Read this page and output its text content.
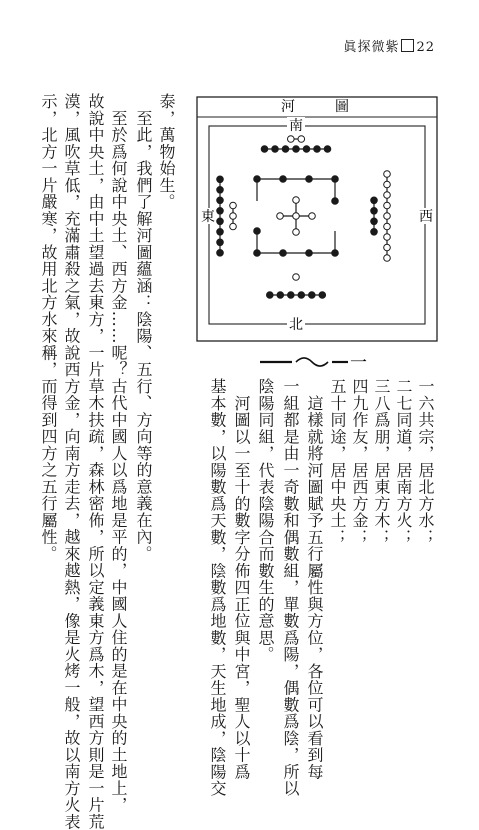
眞探微紫 22
一六共宗，居北方水；
二七同道，居南方火；
三八爲朋，居東方木；
四九作友，居西方金；
五十同途，居中央土；
　這樣就將河圖賦予五行屬性與方位，各位可以看到每
一組都是由一奇數和偶數組，單數爲陽，偶數爲陰，所以
陰陽同組，代表陰陽合而數生的意思。
　河圖以一至十的數字分佈四正位與中宮，聖人以十爲
基本數，以陽數爲天數，陰數爲地數，天生地成，陰陽交
泰，萬物始生。
　至此，我們了解河圖蘊涵：陰陽、五行、方向等的意義在內。
　至於爲何說中央土、西方金……呢？古代中國人以爲地是平的，中國人住的是在中央的土地上，
故說中央土，由中土望過去東方，一片草木扶疏，森林密佈，所以定義東方爲木，望西方則是一片荒
漠，風吹草低，充滿肅殺之氣，故說西方金，向南方走去，越來越熱，像是火烤一般，故以南方火表
示，北方一片嚴寒，故用北方水來稱，而得到四方之五行屬性。	河　　圖
南
北
東	西
一
